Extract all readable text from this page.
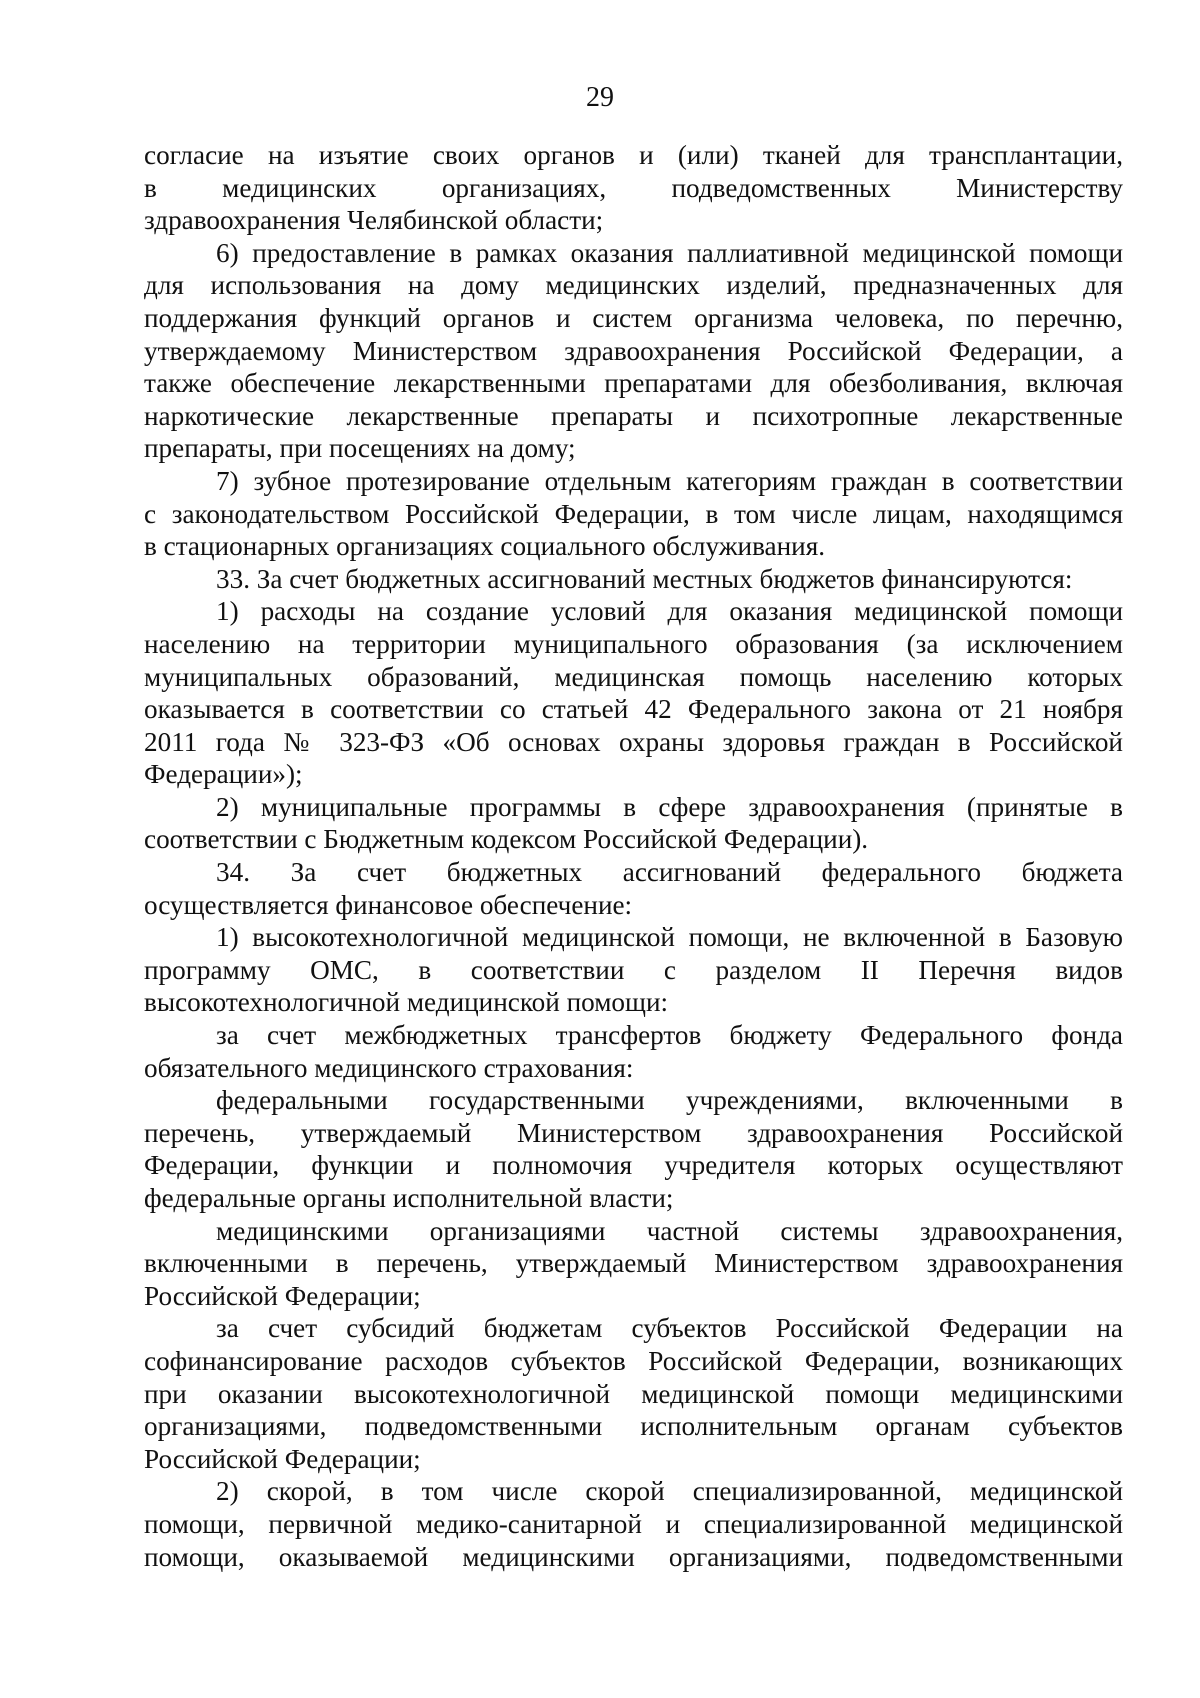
29
согласие на изъятие своих органов и (или) тканей для трансплантации,
в медицинских организациях, подведомственных Министерству
здравоохранения Челябинской области;
6) предоставление в рамках оказания паллиативной медицинской помощи
для использования на дому медицинских изделий, предназначенных для
поддержания функций органов и систем организма человека, по перечню,
утверждаемому Министерством здравоохранения Российской Федерации, а
также обеспечение лекарственными препаратами для обезболивания, включая
наркотические лекарственные препараты и психотропные лекарственные
препараты, при посещениях на дому;
7) зубное протезирование отдельным категориям граждан в соответствии
с законодательством Российской Федерации, в том числе лицам, находящимся
в стационарных организациях социального обслуживания.
33. За счет бюджетных ассигнований местных бюджетов финансируются:
1) расходы на создание условий для оказания медицинской помощи
населению на территории муниципального образования (за исключением
муниципальных образований, медицинская помощь населению которых
оказывается в соответствии со статьей 42 Федерального закона от 21 ноября
2011 года № 323-ФЗ «Об основах охраны здоровья граждан в Российской
Федерации»);
2) муниципальные программы в сфере здравоохранения (принятые в
соответствии с Бюджетным кодексом Российской Федерации).
34. За счет бюджетных ассигнований федерального бюджета
осуществляется финансовое обеспечение:
1) высокотехнологичной медицинской помощи, не включенной в Базовую
программу ОМС, в соответствии с разделом II Перечня видов
высокотехнологичной медицинской помощи:
за счет межбюджетных трансфертов бюджету Федерального фонда
обязательного медицинского страхования:
федеральными государственными учреждениями, включенными в
перечень, утверждаемый Министерством здравоохранения Российской
Федерации, функции и полномочия учредителя которых осуществляют
федеральные органы исполнительной власти;
медицинскими организациями частной системы здравоохранения,
включенными в перечень, утверждаемый Министерством здравоохранения
Российской Федерации;
за счет субсидий бюджетам субъектов Российской Федерации на
софинансирование расходов субъектов Российской Федерации, возникающих
при оказании высокотехнологичной медицинской помощи медицинскими
организациями, подведомственными исполнительным органам субъектов
Российской Федерации;
2) скорой, в том числе скорой специализированной, медицинской
помощи, первичной медико-санитарной и специализированной медицинской
помощи, оказываемой медицинскими организациями, подведомственными
